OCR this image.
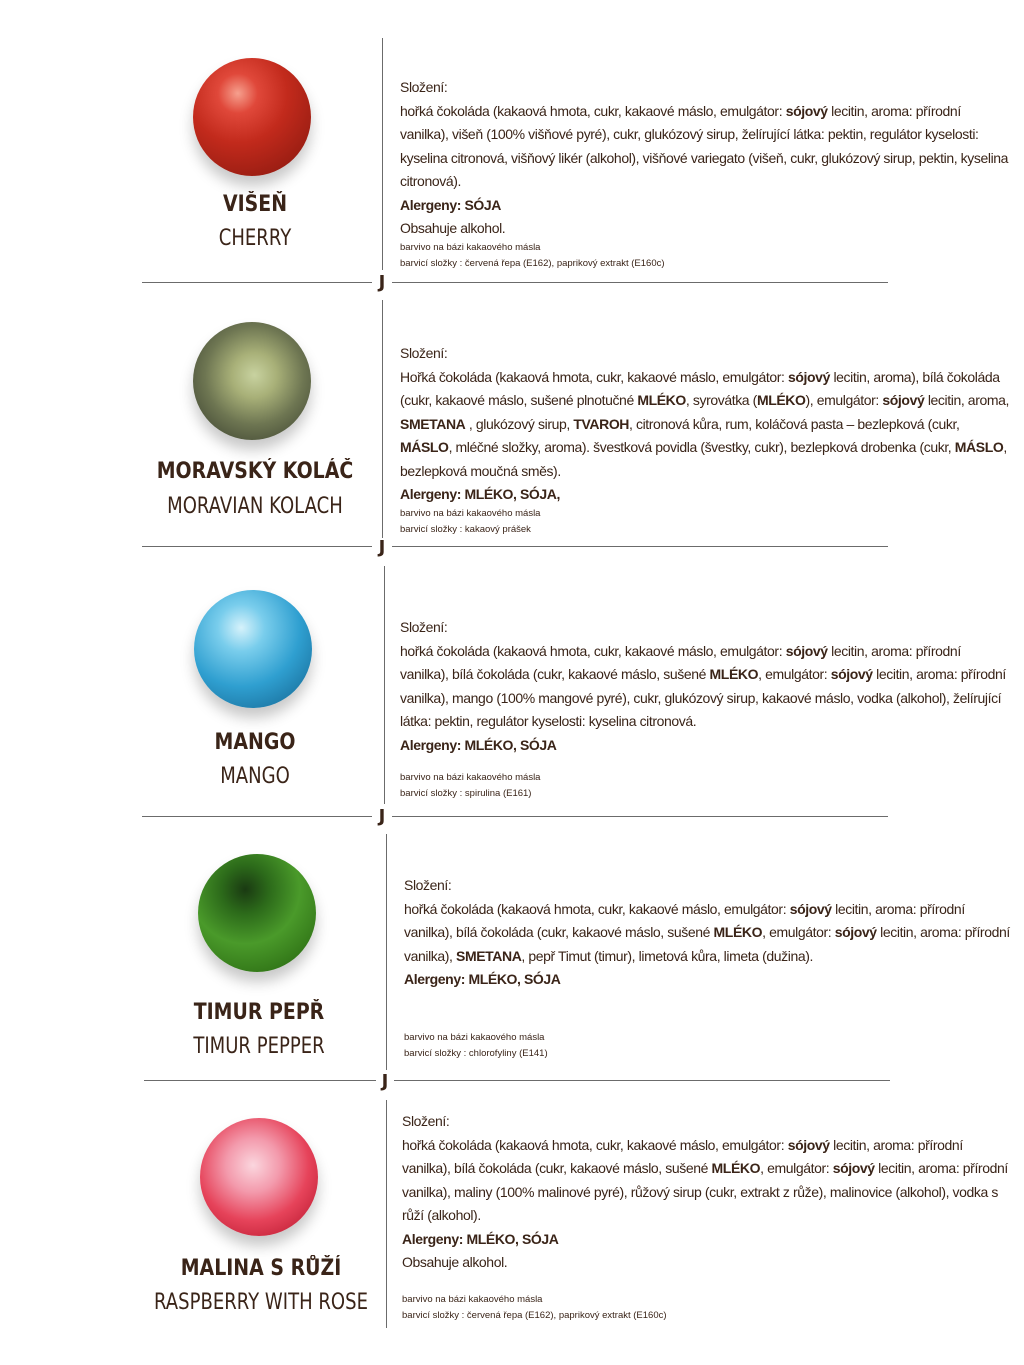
VIŠEŇ
CHERRY
Složení:
hořká čokoláda (kakaová hmota, cukr, kakaové máslo, emulgátor: sójový lecitin, aroma: přírodní vanilka), višeň (100% višňové pyré), cukr, glukózový sirup, želírující látka: pektin, regulátor kyselosti: kyselina citronová, višňový likér (alkohol), višňové variegato (višeň, cukr, glukózový sirup, pektin, kyselina citronová).
Alergeny: SÓJA
Obsahuje alkohol.
barvivo na bázi kakaového másla
barvicí složky : červená řepa (E162), paprikový extrakt (E160c)
J
MORAVSKÝ KOLÁČ
MORAVIAN KOLACH
Složení:
Hořká čokoláda (kakaová hmota, cukr, kakaové máslo, emulgátor: sójový lecitin, aroma), bílá čokoláda (cukr, kakaové máslo, sušené plnotučné MLÉKO, syrovátka (MLÉKO), emulgátor: sójový lecitin, aroma, SMETANA , glukózový sirup, TVAROH, citronová kůra, rum, koláčová pasta – bezlepková (cukr, MÁSLO, mléčné složky, aroma). švestková povidla (švestky, cukr), bezlepková drobenka (cukr, MÁSLO, bezlepková moučná směs).
Alergeny: MLÉKO, SÓJA,
barvivo na bázi kakaového másla
barvicí složky : kakaový prášek
J
MANGO
MANGO
Složení:
hořká čokoláda (kakaová hmota, cukr, kakaové máslo, emulgátor: sójový lecitin, aroma: přírodní vanilka), bílá čokoláda (cukr, kakaové máslo, sušené MLÉKO, emulgátor: sójový lecitin, aroma: přírodní vanilka), mango (100% mangové pyré), cukr, glukózový sirup, kakaové máslo, vodka (alkohol), želírující látka: pektin, regulátor kyselosti: kyselina citronová.
Alergeny: MLÉKO, SÓJA
barvivo na bázi kakaového másla
barvicí složky : spirulina (E161)
J
TIMUR PEPŘ
TIMUR PEPPER
Složení:
hořká čokoláda (kakaová hmota, cukr, kakaové máslo, emulgátor: sójový lecitin, aroma: přírodní vanilka), bílá čokoláda (cukr, kakaové máslo, sušené MLÉKO, emulgátor: sójový lecitin, aroma: přírodní vanilka), SMETANA, pepř Timut (timur), limetová kůra, limeta (dužina).
Alergeny: MLÉKO, SÓJA
barvivo na bázi kakaového másla
barvicí složky : chlorofyliny (E141)
J
MALINA S RŮŽÍ
RASPBERRY WITH ROSE
Složení:
hořká čokoláda (kakaová hmota, cukr, kakaové máslo, emulgátor: sójový lecitin, aroma: přírodní vanilka), bílá čokoláda (cukr, kakaové máslo, sušené MLÉKO, emulgátor: sójový lecitin, aroma: přírodní vanilka), maliny (100% malinové pyré), růžový sirup (cukr, extrakt z růže), malinovice (alkohol), vodka s růží (alkohol).
Alergeny: MLÉKO, SÓJA
Obsahuje alkohol.
barvivo na bázi kakaového másla
barvicí složky : červená řepa (E162), paprikový extrakt (E160c)
